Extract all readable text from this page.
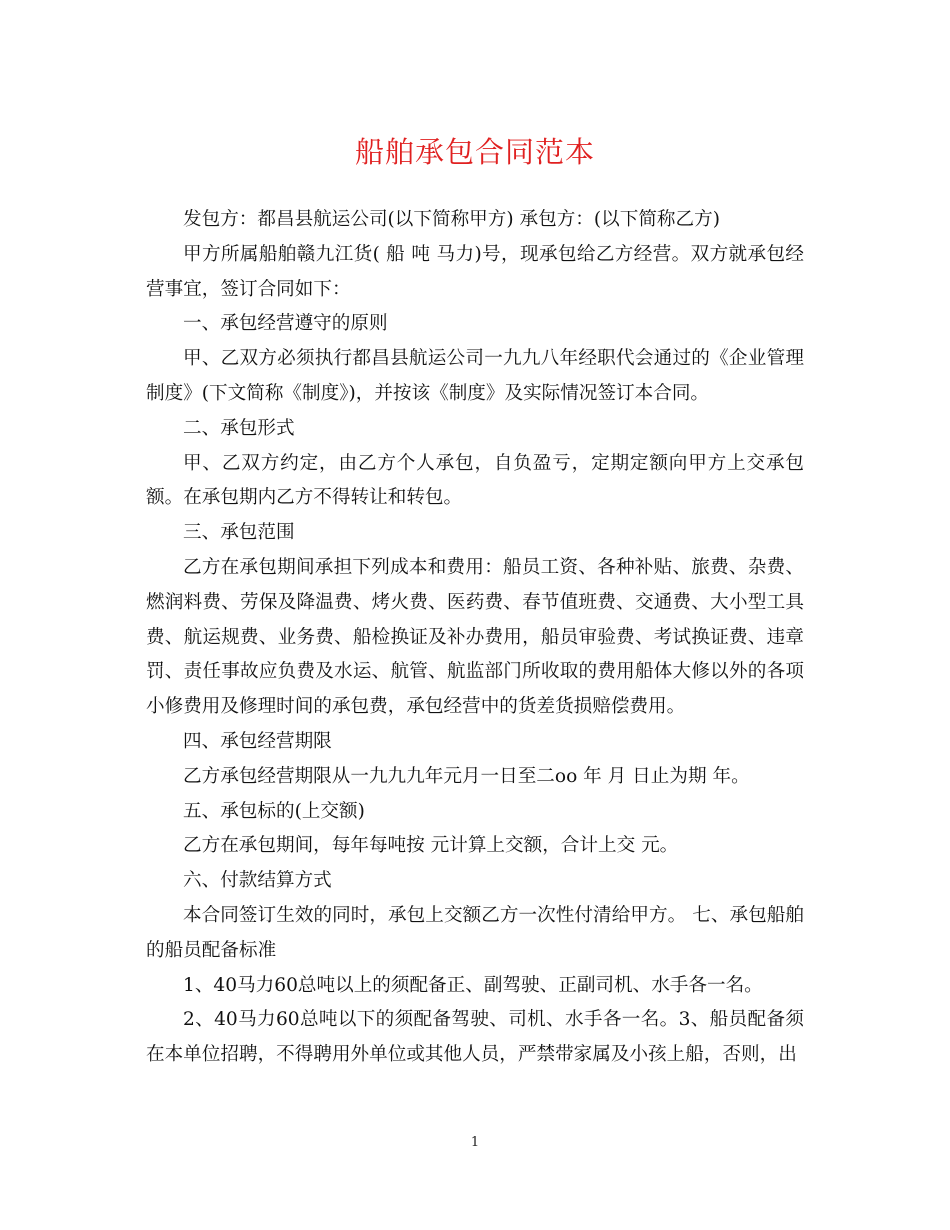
船舶承包合同范本

发包方：都昌县航运公司(以下简称甲方) 承包方：(以下简称乙方)

甲方所属船舶赣九江货( 船 吨 马力)号，现承包给乙方经营。双方就承包经营事宜，签订合同如下：

一、承包经营遵守的原则

甲、乙双方必须执行都昌县航运公司一九九八年经职代会通过的《企业管理制度》(下文简称《制度》)，并按该《制度》及实际情况签订本合同。

二、承包形式

甲、乙双方约定，由乙方个人承包，自负盈亏，定期定额向甲方上交承包额。在承包期内乙方不得转让和转包。

三、承包范围

乙方在承包期间承担下列成本和费用：船员工资、各种补贴、旅费、杂费、燃润料费、劳保及降温费、烤火费、医药费、春节值班费、交通费、大小型工具费、航运规费、业务费、船检换证及补办费用，船员审验费、考试换证费、违章罚、责任事故应负费及水运、航管、航监部门所收取的费用船体大修以外的各项小修费用及修理时间的承包费，承包经营中的货差货损赔偿费用。

四、承包经营期限

乙方承包经营期限从一九九九年元月一日至二oo 年 月 日止为期 年。

五、承包标的(上交额)

乙方在承包期间，每年每吨按 元计算上交额，合计上交 元。

六、付款结算方式

本合同签订生效的同时，承包上交额乙方一次性付清给甲方。 七、承包船舶的船员配备标准

1、40马力60总吨以上的须配备正、副驾驶、正副司机、水手各一名。

2、40马力60总吨以下的须配备驾驶、司机、水手各一名。3、船员配备须在本单位招聘，不得聘用外单位或其他人员，严禁带家属及小孩上船，否则，出

1
